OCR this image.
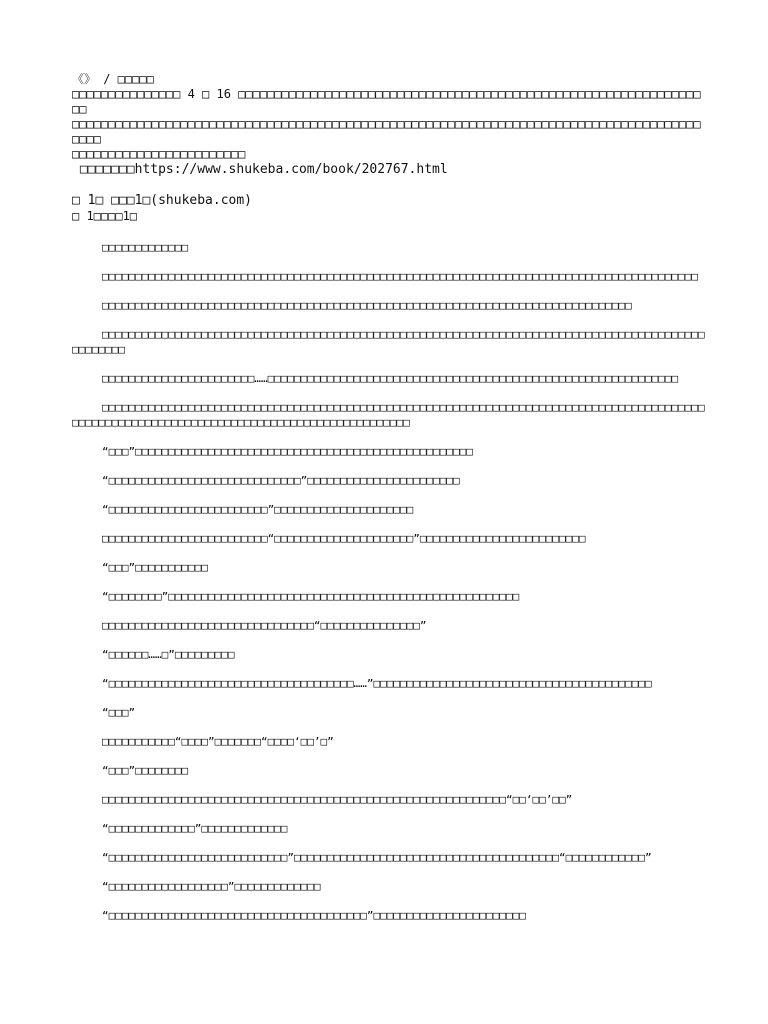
《》 / □□□□□
□□□□□□□□□□□□□□□ 4 □ 16 □□□□□□□□□□□□□□□□□□□□□□□□□□□□□□□□□□□□□□□□□□□□□□□□□□□□□□□□□□□□□□□□□□
□□□□□□□□□□□□□□□□□□□□□□□□□□□□□□□□□□□□□□□□□□□□□□□□□□□□□□□□□□□□□□□□□□□□□□□□□□□□□□□□□□□□□□□□□□□
□□□□□□□□□□□□□□□□□□□□□□□□
□□□□□□□https://www.shukeba.com/book/202767.html
□ 1□ □□□1□(shukeba.com)
□ 1□□□□1□

□□□□□□□□□□□□□

□□□□□□□□□□□□□□□□□□□□□□□□□□□□□□□□□□□□□□□□□□□□□□□□□□□□□□□□□□□□□□□□□□□□□□□□□□□□□□□□□□□□□□□□□□

□□□□□□□□□□□□□□□□□□□□□□□□□□□□□□□□□□□□□□□□□□□□□□□□□□□□□□□□□□□□□□□□□□□□□□□□□□□□□□□□

□□□□□□□□□□□□□□□□□□□□□□□□□□□□□□□□□□□□□□□□□□□□□□□□□□□□□□□□□□□□□□□□□□□□□□□□□□□□□□□□□□□□□□□□□□□□□□□□□□□

□□□□□□□□□□□□□□□□□□□□□□□……□□□□□□□□□□□□□□□□□□□□□□□□□□□□□□□□□□□□□□□□□□□□□□□□□□□□□□□□□□□□□□

□□□□□□□□□□□□□□□□□□□□□□□□□□□□□□□□□□□□□□□□□□□□□□□□□□□□□□□□□□□□□□□□□□□□□□□□□□□□□□□□□□□□□□□□□□□□□□□□□□□□□□□□□□□□□□□□□□□□□□□□□□□□□□□□□□□□□□□□□□□□□□

“□□□”□□□□□□□□□□□□□□□□□□□□□□□□□□□□□□□□□□□□□□□□□□□□□□□□□□□

“□□□□□□□□□□□□□□□□□□□□□□□□□□□□□”□□□□□□□□□□□□□□□□□□□□□□□

“□□□□□□□□□□□□□□□□□□□□□□□□”□□□□□□□□□□□□□□□□□□□□□

□□□□□□□□□□□□□□□□□□□□□□□□□“□□□□□□□□□□□□□□□□□□□□□”□□□□□□□□□□□□□□□□□□□□□□□□□

“□□□”□□□□□□□□□□□

“□□□□□□□□”□□□□□□□□□□□□□□□□□□□□□□□□□□□□□□□□□□□□□□□□□□□□□□□□□□□□□

□□□□□□□□□□□□□□□□□□□□□□□□□□□□□□□□“□□□□□□□□□□□□□□□”

“□□□□□□……□”□□□□□□□□□

“□□□□□□□□□□□□□□□□□□□□□□□□□□□□□□□□□□□□□……”□□□□□□□□□□□□□□□□□□□□□□□□□□□□□□□□□□□□□□□□□□

“□□□”

□□□□□□□□□□□“□□□□”□□□□□□□“□□□□‘□□’□”

“□□□”□□□□□□□□

□□□□□□□□□□□□□□□□□□□□□□□□□□□□□□□□□□□□□□□□□□□□□□□□□□□□□□□□□□□□□“□□‘□□’□□”

“□□□□□□□□□□□□□”□□□□□□□□□□□□□

“□□□□□□□□□□□□□□□□□□□□□□□□□□□”□□□□□□□□□□□□□□□□□□□□□□□□□□□□□□□□□□□□□□□□“□□□□□□□□□□□□”

“□□□□□□□□□□□□□□□□□□”□□□□□□□□□□□□□

“□□□□□□□□□□□□□□□□□□□□□□□□□□□□□□□□□□□□□□□”□□□□□□□□□□□□□□□□□□□□□□□
